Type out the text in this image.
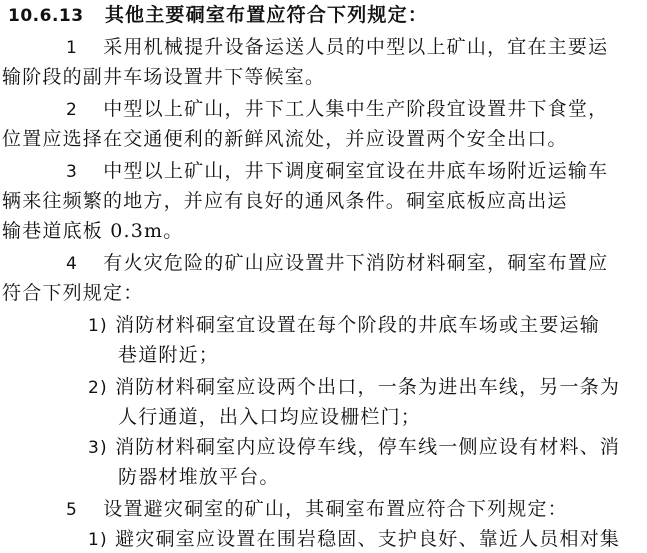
10.6.13 其他主要硐室布置应符合下列规定：
1 采用机械提升设备运送人员的中型以上矿山，宜在主要运
输阶段的副井车场设置井下等候室。
2 中型以上矿山，井下工人集中生产阶段宜设置井下食堂，
位置应选择在交通便利的新鲜风流处，并应设置两个安全出口。
3 中型以上矿山，井下调度硐室宜设在井底车场附近运输车
辆来往频繁的地方，并应有良好的通风条件。硐室底板应高出运
输巷道底板 0.3m。
4 有火灾危险的矿山应设置井下消防材料硐室，硐室布置应
符合下列规定：
1) 消防材料硐室宜设置在每个阶段的井底车场或主要运输
巷道附近；
2) 消防材料硐室应设两个出口，一条为进出车线，另一条为
人行通道，出入口均应设栅栏门；
3) 消防材料硐室内应设停车线，停车线一侧应设有材料、消
防器材堆放平台。
5 设置避灾硐室的矿山，其硐室布置应符合下列规定：
1) 避灾硐室应设置在围岩稳固、支护良好、靠近人员相对集
